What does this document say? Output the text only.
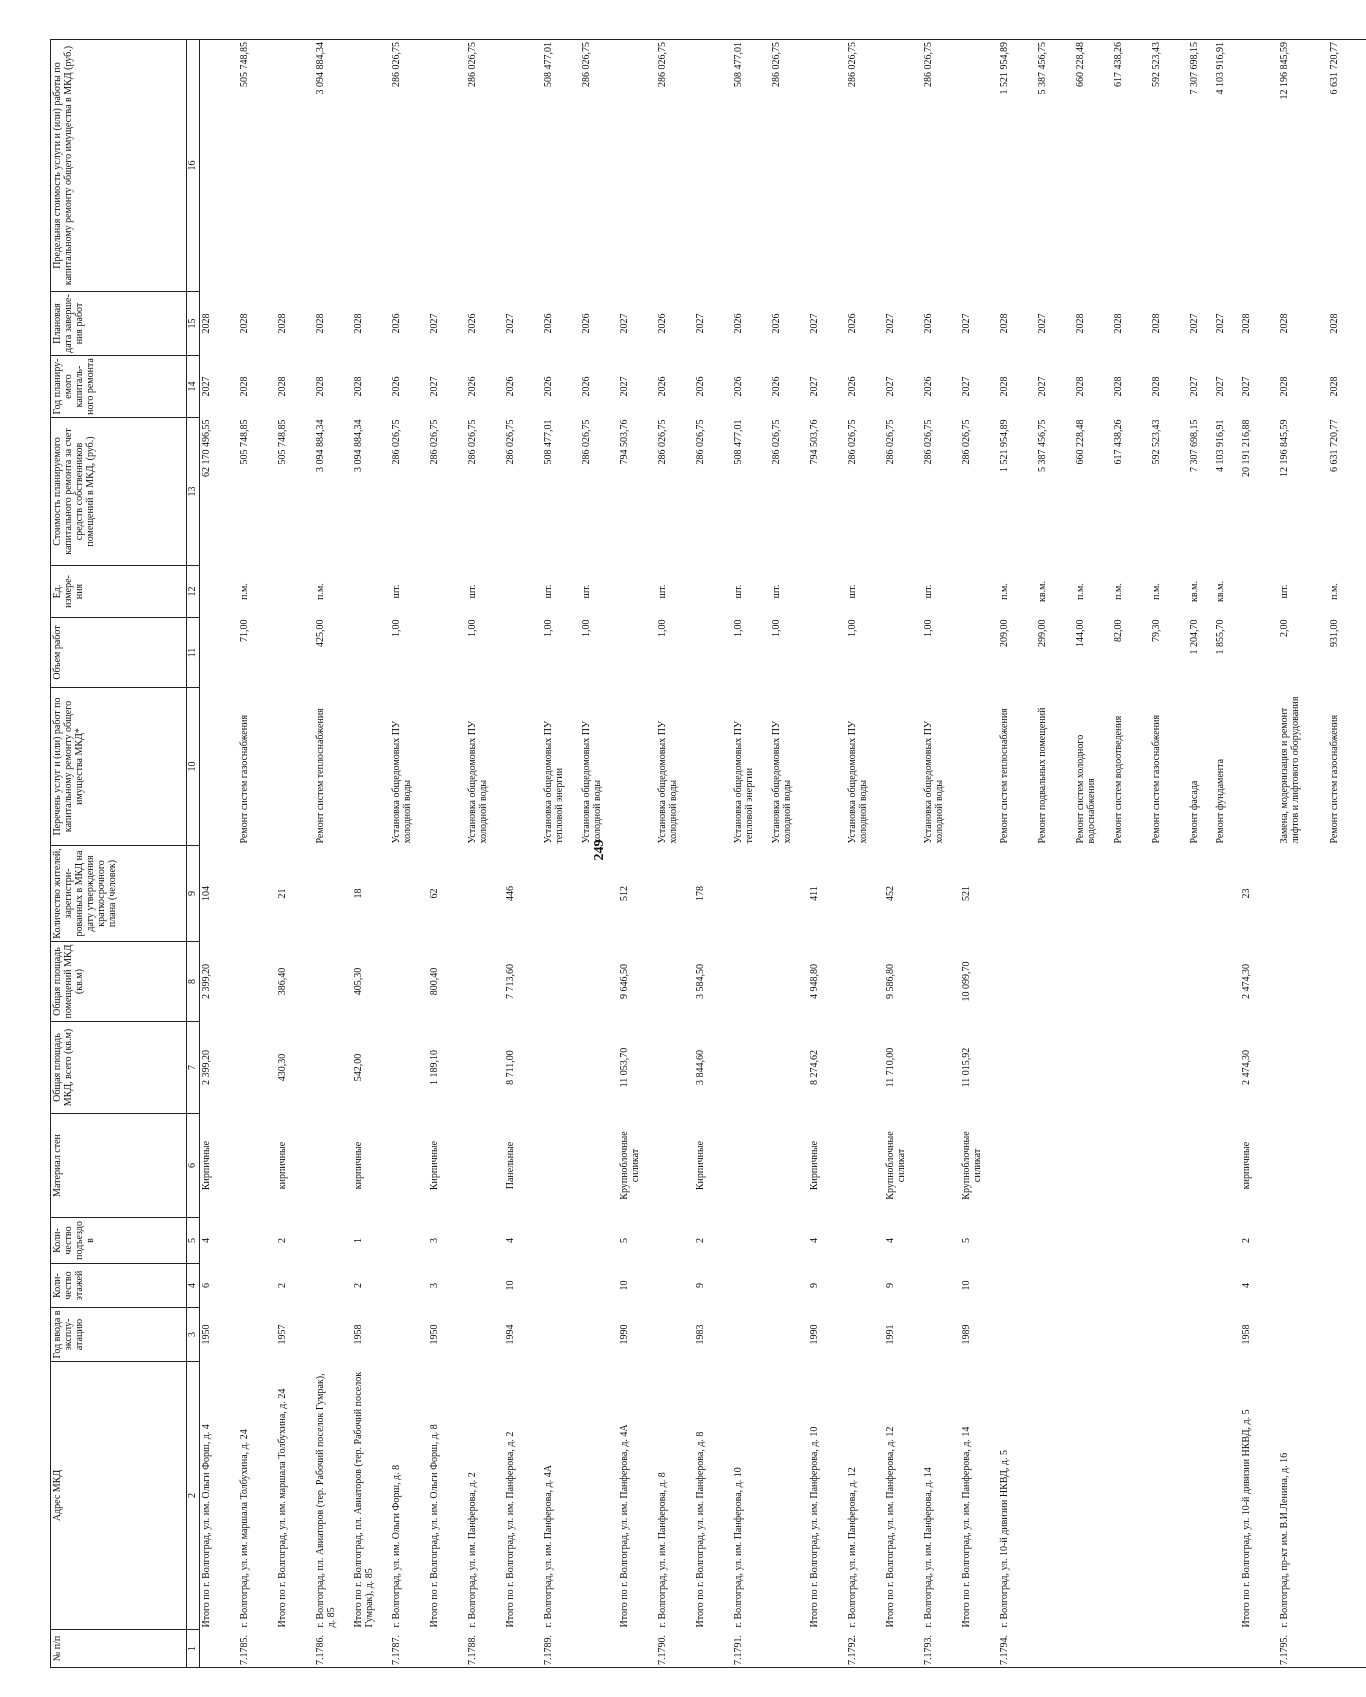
249
№ п/п	Адрес МКД	Год ввода в эксплу-атацию	Коли-чество этажей	Коли-чество подъездов	Материал стен	Общая площадь МКД, всего (кв.м)	Общая площадь помещений МКД (кв.м)	Количество жителей, зарегистри-рованных в МКД на дату утверждения краткосрочного плана (человек)	Перечень услуг и (или) работ по капитальному ремонту общего имущества МКД*	Объем работ	Ед. измере-ния	Стоимость планируемого капитального ремонта за счет средств собственников помещений в МКД, (руб.)	Год планиру-емого капиталь-ного ремонта	Плановая дата заверше-ния работ	Предельная стоимость услуги и (или) работы по капитальному ремонту общего имущества в МКД (руб.)
1	2	3	4	5	6	7	8	9	10	11	12	13	14	15	16
	Итого по г. Волгоград, ул. им. Ольги Форш, д. 4	1950	6	4	Кирпичные	2 399,20	2 399,20	104				62 170 496,55	2027	2028	
7.1785.	г. Волгоград, ул. им. маршала Толбухина, д. 24								Ремонт систем газоснабжения	71,00	п.м.	505 748,85	2028	2028	505 748,85
	Итого по г. Волгоград, ул. им. маршала Толбухина, д. 24	1957	2	2	кирпичные	430,30	386,40	21				505 748,85	2028	2028	
7.1786.	г. Волгоград, пл. Авиаторов (тер. Рабочий поселок Гумрак), д. 85								Ремонт систем теплоснабжения	425,00	п.м.	3 094 884,34	2028	2028	3 094 884,34
	Итого по г. Волгоград, пл. Авиаторов (тер. Рабочий поселок Гумрак), д. 85	1958	2	1	кирпичные	542,00	405,30	18				3 094 884,34	2028	2028	
7.1787.	г. Волгоград, ул. им. Ольги Форш, д. 8								Установка общедомовых ПУ холодной воды	1,00	шт.	286 026,75	2026	2026	286 026,75
	Итого по г. Волгоград, ул. им. Ольги Форш, д. 8	1950	3	3	Кирпичные	1 189,10	800,40	62				286 026,75	2027	2027	
7.1788.	г. Волгоград, ул. им. Панферова, д. 2								Установка общедомовых ПУ холодной воды	1,00	шт.	286 026,75	2026	2026	286 026,75
	Итого по г. Волгоград, ул. им. Панферова, д. 2	1994	10	4	Панельные	8 711,00	7 713,60	446				286 026,75	2026	2027	
7.1789.	г. Волгоград, ул. им. Панферова, д. 4А								Установка общедомовых ПУ тепловой энергии	1,00	шт.	508 477,01	2026	2026	508 477,01
									Установка общедомовых ПУ холодной воды	1,00	шт.	286 026,75	2026	2026	286 026,75
	Итого по г. Волгоград, ул. им. Панферова, д. 4А	1990	10	5	Крупноблочные силикат	11 053,70	9 646,50	512				794 503,76	2027	2027	
7.1790.	г. Волгоград, ул. им. Панферова, д. 8								Установка общедомовых ПУ холодной воды	1,00	шт.	286 026,75	2026	2026	286 026,75
	Итого по г. Волгоград, ул. им. Панферова, д. 8	1983	9	2	Кирпичные	3 844,60	3 584,50	178				286 026,75	2026	2027	
7.1791.	г. Волгоград, ул. им. Панферова, д. 10								Установка общедомовых ПУ тепловой энергии	1,00	шт.	508 477,01	2026	2026	508 477,01
									Установка общедомовых ПУ холодной воды	1,00	шт.	286 026,75	2026	2026	286 026,75
	Итого по г. Волгоград, ул. им. Панферова, д. 10	1990	9	4	Кирпичные	8 274,62	4 948,80	411				794 503,76	2027	2027	
7.1792.	г. Волгоград, ул. им. Панферова, д. 12								Установка общедомовых ПУ холодной воды	1,00	шт.	286 026,75	2026	2026	286 026,75
	Итого по г. Волгоград, ул. им. Панферова, д. 12	1991	9	4	Крупноблочные силикат	11 710,00	9 586,80	452				286 026,75	2027	2027	
7.1793.	г. Волгоград, ул. им. Панферова, д. 14								Установка общедомовых ПУ холодной воды	1,00	шт.	286 026,75	2026	2026	286 026,75
	Итого по г. Волгоград, ул. им. Панферова, д. 14	1989	10	5	Крупноблочные силикат	11 015,92	10 099,70	521				286 026,75	2027	2027	
7.1794.	г. Волгоград, ул. 10-й дивизии НКВД, д. 5								Ремонт систем теплоснабжения	209,00	п.м.	1 521 954,89	2028	2028	1 521 954,89
									Ремонт подвальных помещений	299,00	кв.м.	5 387 456,75	2027	2027	5 387 456,75
									Ремонт систем холодного водоснабжения	144,00	п.м.	660 228,48	2028	2028	660 228,48
									Ремонт систем водоотведения	82,00	п.м.	617 438,26	2028	2028	617 438,26
									Ремонт систем газоснабжения	79,30	п.м.	592 523,43	2028	2028	592 523,43
									Ремонт фасада	1 204,70	кв.м.	7 307 698,15	2027	2027	7 307 698,15
									Ремонт фундамента	1 855,70	кв.м.	4 103 916,91	2027	2027	4 103 916,91
	Итого по г. Волгоград, ул. 10-й дивизии НКВД, д. 5	1958	4	2	кирпичные	2 474,30	2 474,30	23				20 191 216,88	2027	2028	
7.1795.	г. Волгоград, пр-кт им. В.И.Ленина, д. 16								Замена, модернизация и ремонт лифтов и лифтового оборудования	2,00	шт.	12 196 845,59	2028	2028	12 196 845,59
									Ремонт систем газоснабжения	931,00	п.м.	6 631 720,77	2028	2028	6 631 720,77
